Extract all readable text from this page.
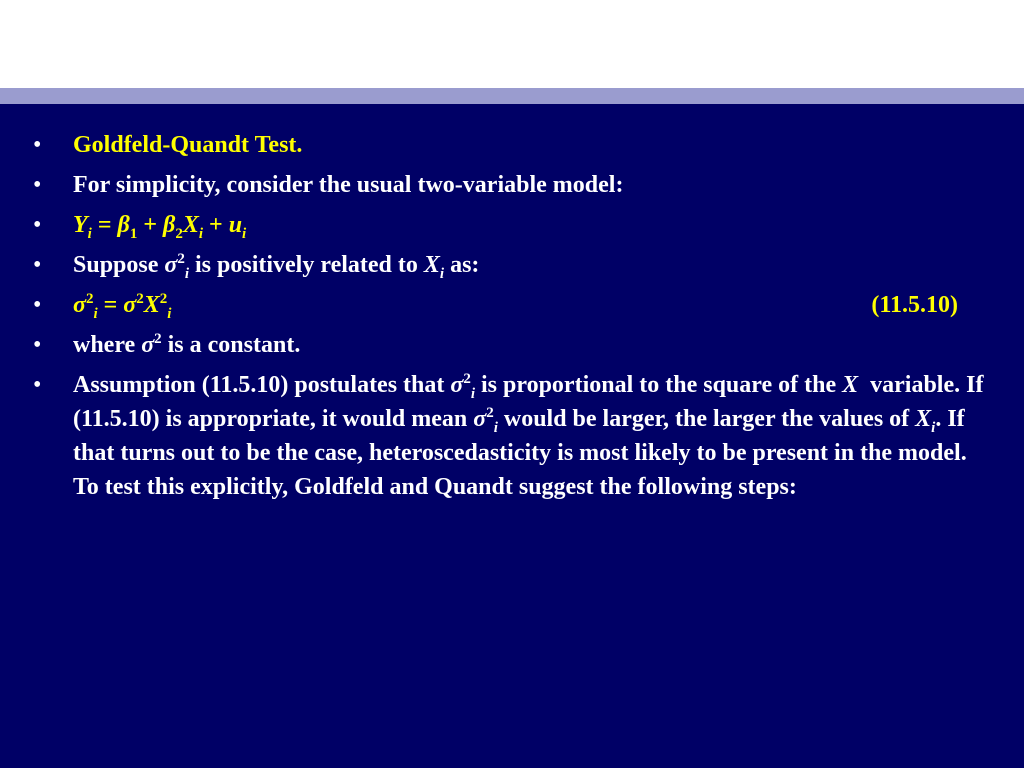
• Goldfeld-Quandt Test.
• For simplicity, consider the usual two-variable model:
• $Y_i = \beta_1 + \beta_2X_i + u_i$
• Suppose $\sigma^2_i$ is positively related to $X_i$ as:
• $\sigma^2_i = \sigma^2X^2_i$	(11.5.10)
• where $\sigma^2$ is a constant.
• Assumption (11.5.10) postulates that $\sigma^2_i$ is proportional to the square of the X  variable. If (11.5.10) is appropriate, it would mean $\sigma^2_i$ would be larger, the larger the values of $X_i$. If that turns out to be the case, heteroscedasticity is most likely to be present in the model. To test this explicitly, Goldfeld and Quandt suggest the following steps:
